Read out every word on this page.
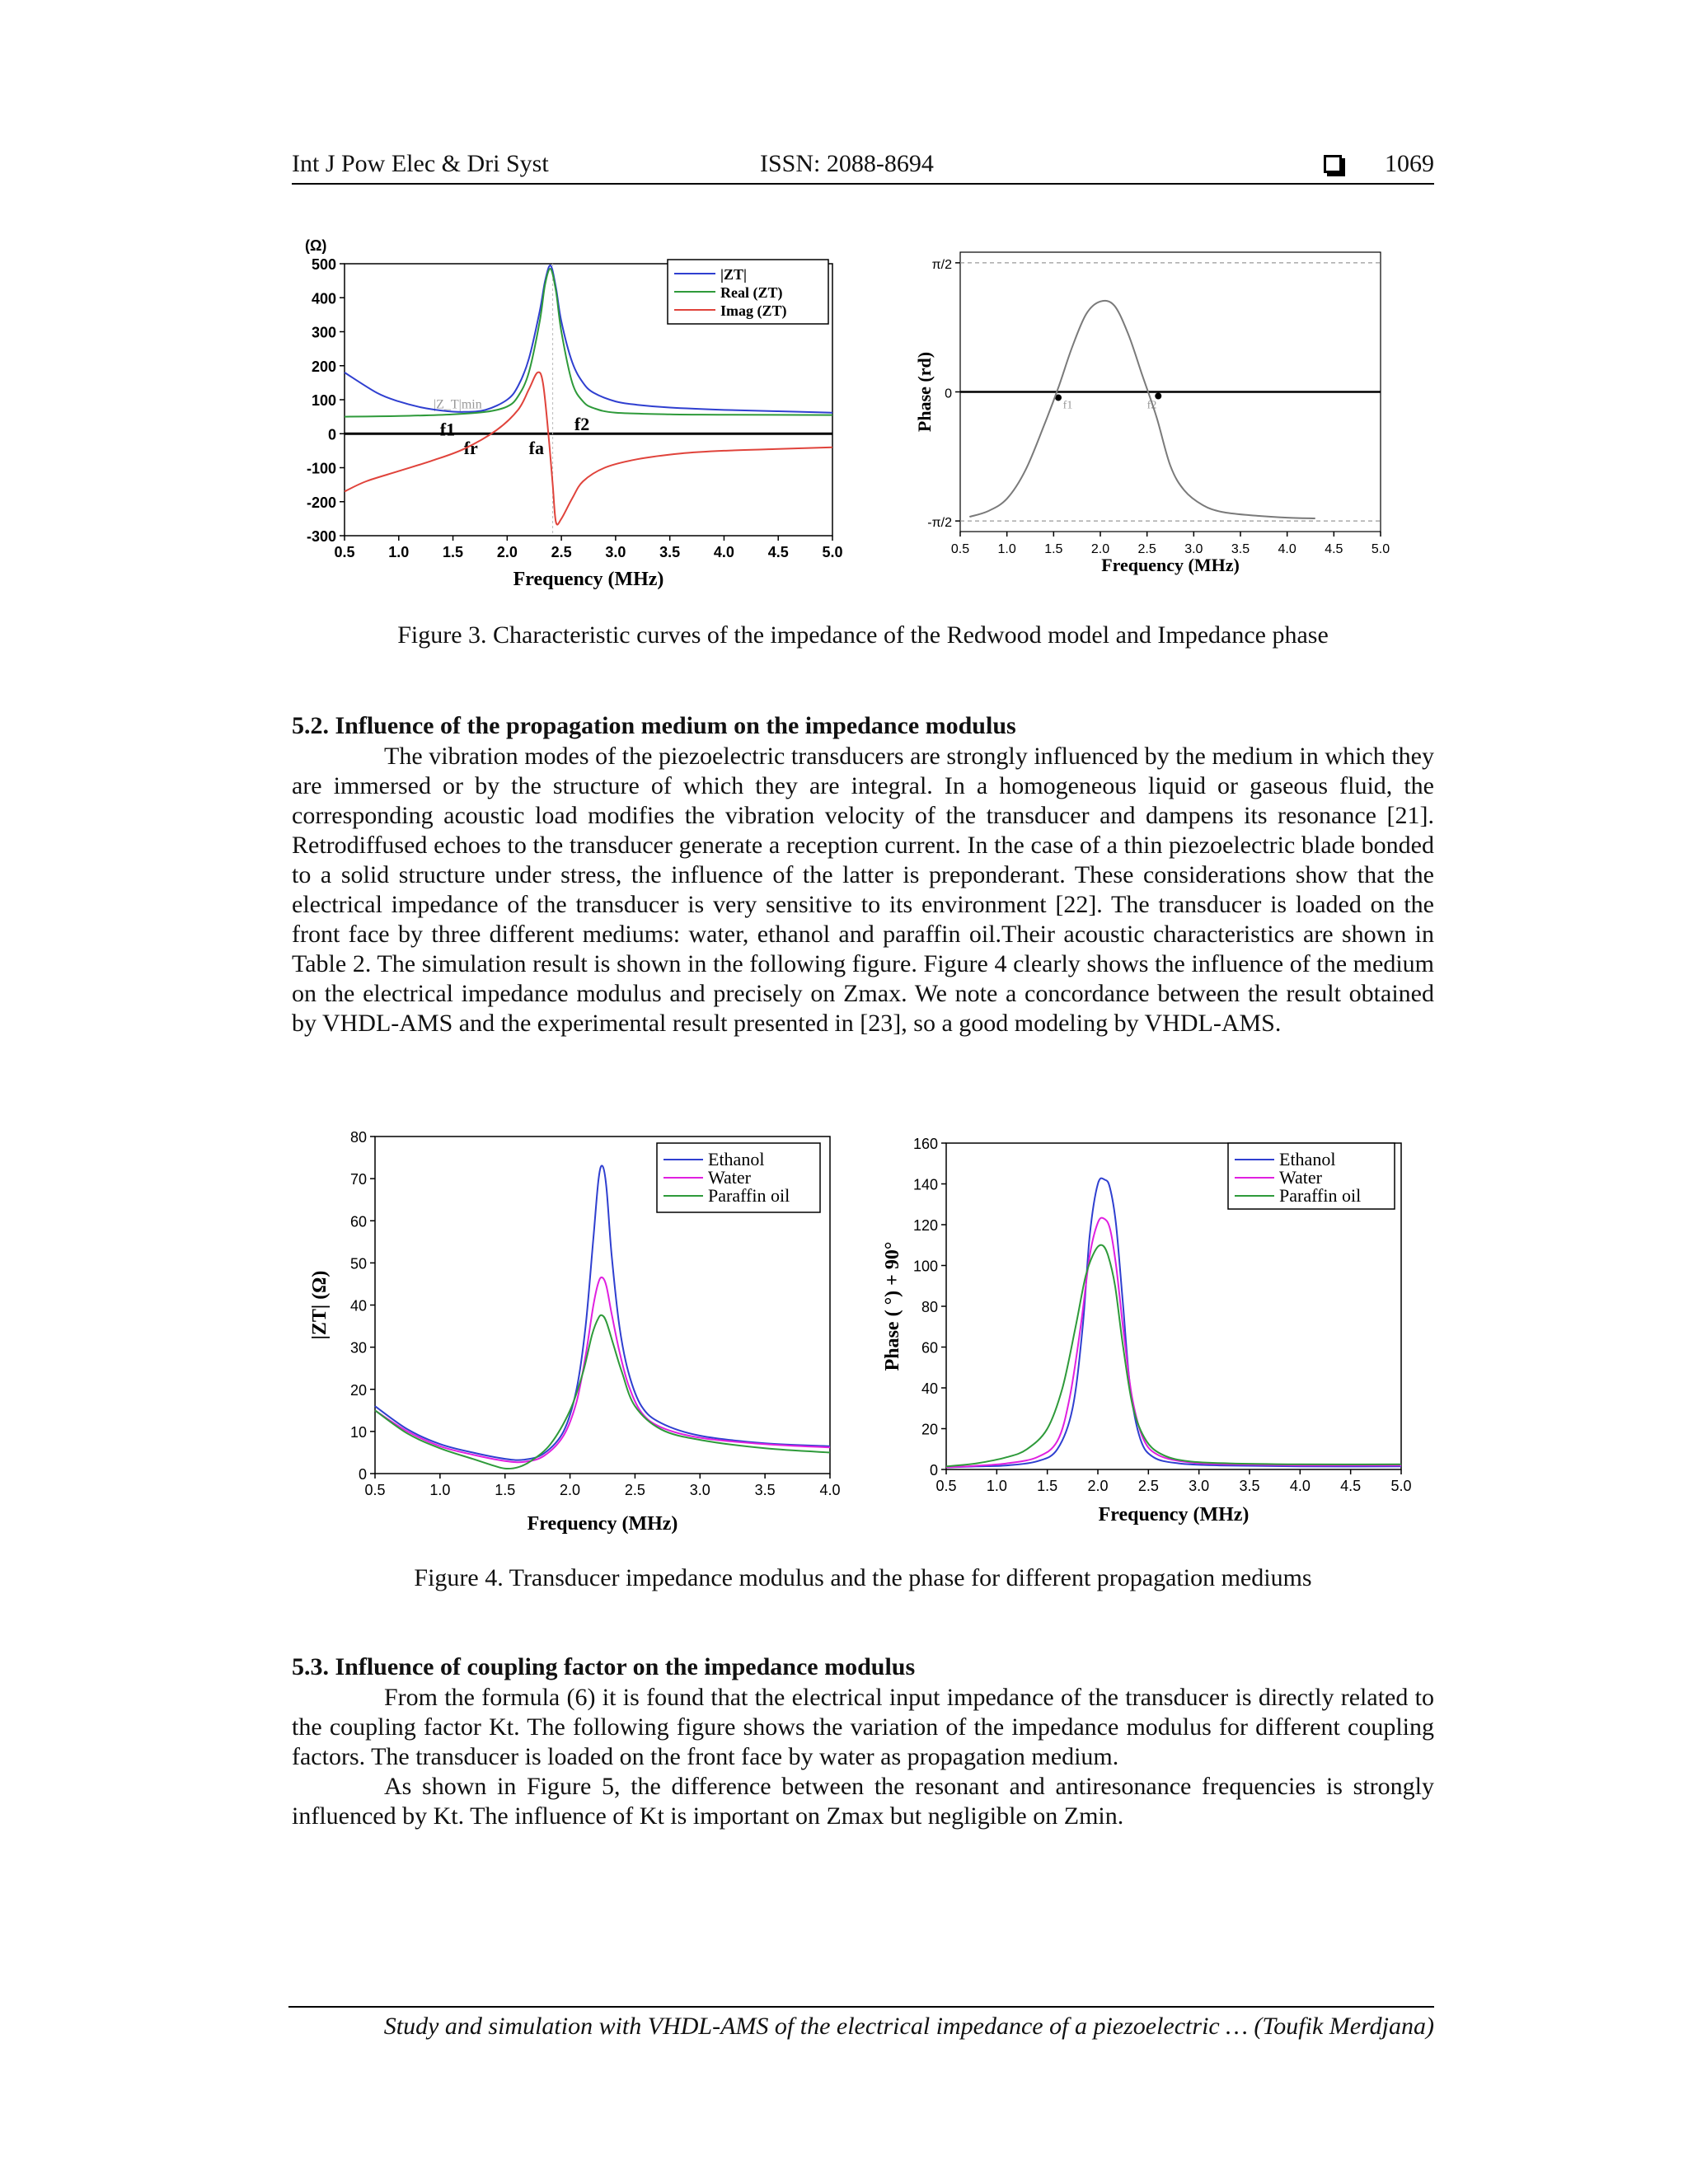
Int J Pow Elec & Dri Syst	ISSN: 2088-8694	1069
500
400
300
200
100
0
-100
-200
-300
0.5 1.0 1.5 2.0 2.5 3.0 3.5 4.0 4.5 5.0
Frequency (MHz)
(Ω)
|Z_T|min
f1
fr	fa
f2
|ZT|
Real (ZT)
Imag (ZT)
π/2
0
-π/2
0.5 1.0 1.5 2.0 2.5 3.0 3.5 4.0 4.5 5.0
Frequency (MHz)
Phase (rd)	f1	f2
Figure 3. Characteristic curves of the impedance of the Redwood model and Impedance phase
5.2. Influence of the propagation medium on the impedance modulus

The vibration modes of the piezoelectric transducers are strongly influenced by the medium in which they are immersed or by the structure of which they are integral. In a homogeneous liquid or gaseous fluid, the corresponding acoustic load modifies the vibration velocity of the transducer and dampens its resonance [21]. Retrodiffused echoes to the transducer generate a reception current. In the case of a thin piezoelectric blade bonded to a solid structure under stress, the influence of the latter is preponderant. These considerations show that the electrical impedance of the transducer is very sensitive to its environment [22]. The transducer is loaded on the front face by three different mediums: water, ethanol and paraffin oil.Their acoustic characteristics are shown in Table 2. The simulation result is shown in the following figure. Figure 4 clearly shows the influence of the medium on the electrical impedance modulus and precisely on Zmax. We note a concordance between the result obtained by VHDL-AMS and the experimental result presented in [23], so a good modeling by VHDL-AMS.

80
70
60
50
40
30
20
10
0
0.5	1.0	1.5	2.0	2.5	3.0	3.5	4.0
Frequency (MHz)
|ZT| (Ω)
Ethanol
Water
Paraffin oil
160
140
120
100
80
60
40
20
0
0.5 1.0 1.5 2.0 2.5 3.0 3.5 4.0 4.5 5.0
Frequency (MHz)
Phase ( °) + 90°
Ethanol
Water
Paraffin oil
Figure 4. Transducer impedance modulus and the phase for different propagation mediums
5.3. Influence of coupling factor on the impedance modulus

From the formula (6) it is found that the electrical input impedance of the transducer is directly related to the coupling factor Kt. The following figure shows the variation of the impedance modulus for different coupling factors. The transducer is loaded on the front face by water as propagation medium.

As shown in Figure 5, the difference between the resonant and antiresonance frequencies is strongly influenced by Kt. The influence of Kt is important on Zmax but negligible on Zmin.

Study and simulation with VHDL-AMS of the electrical impedance of a piezoelectric … (Toufik Merdjana)
